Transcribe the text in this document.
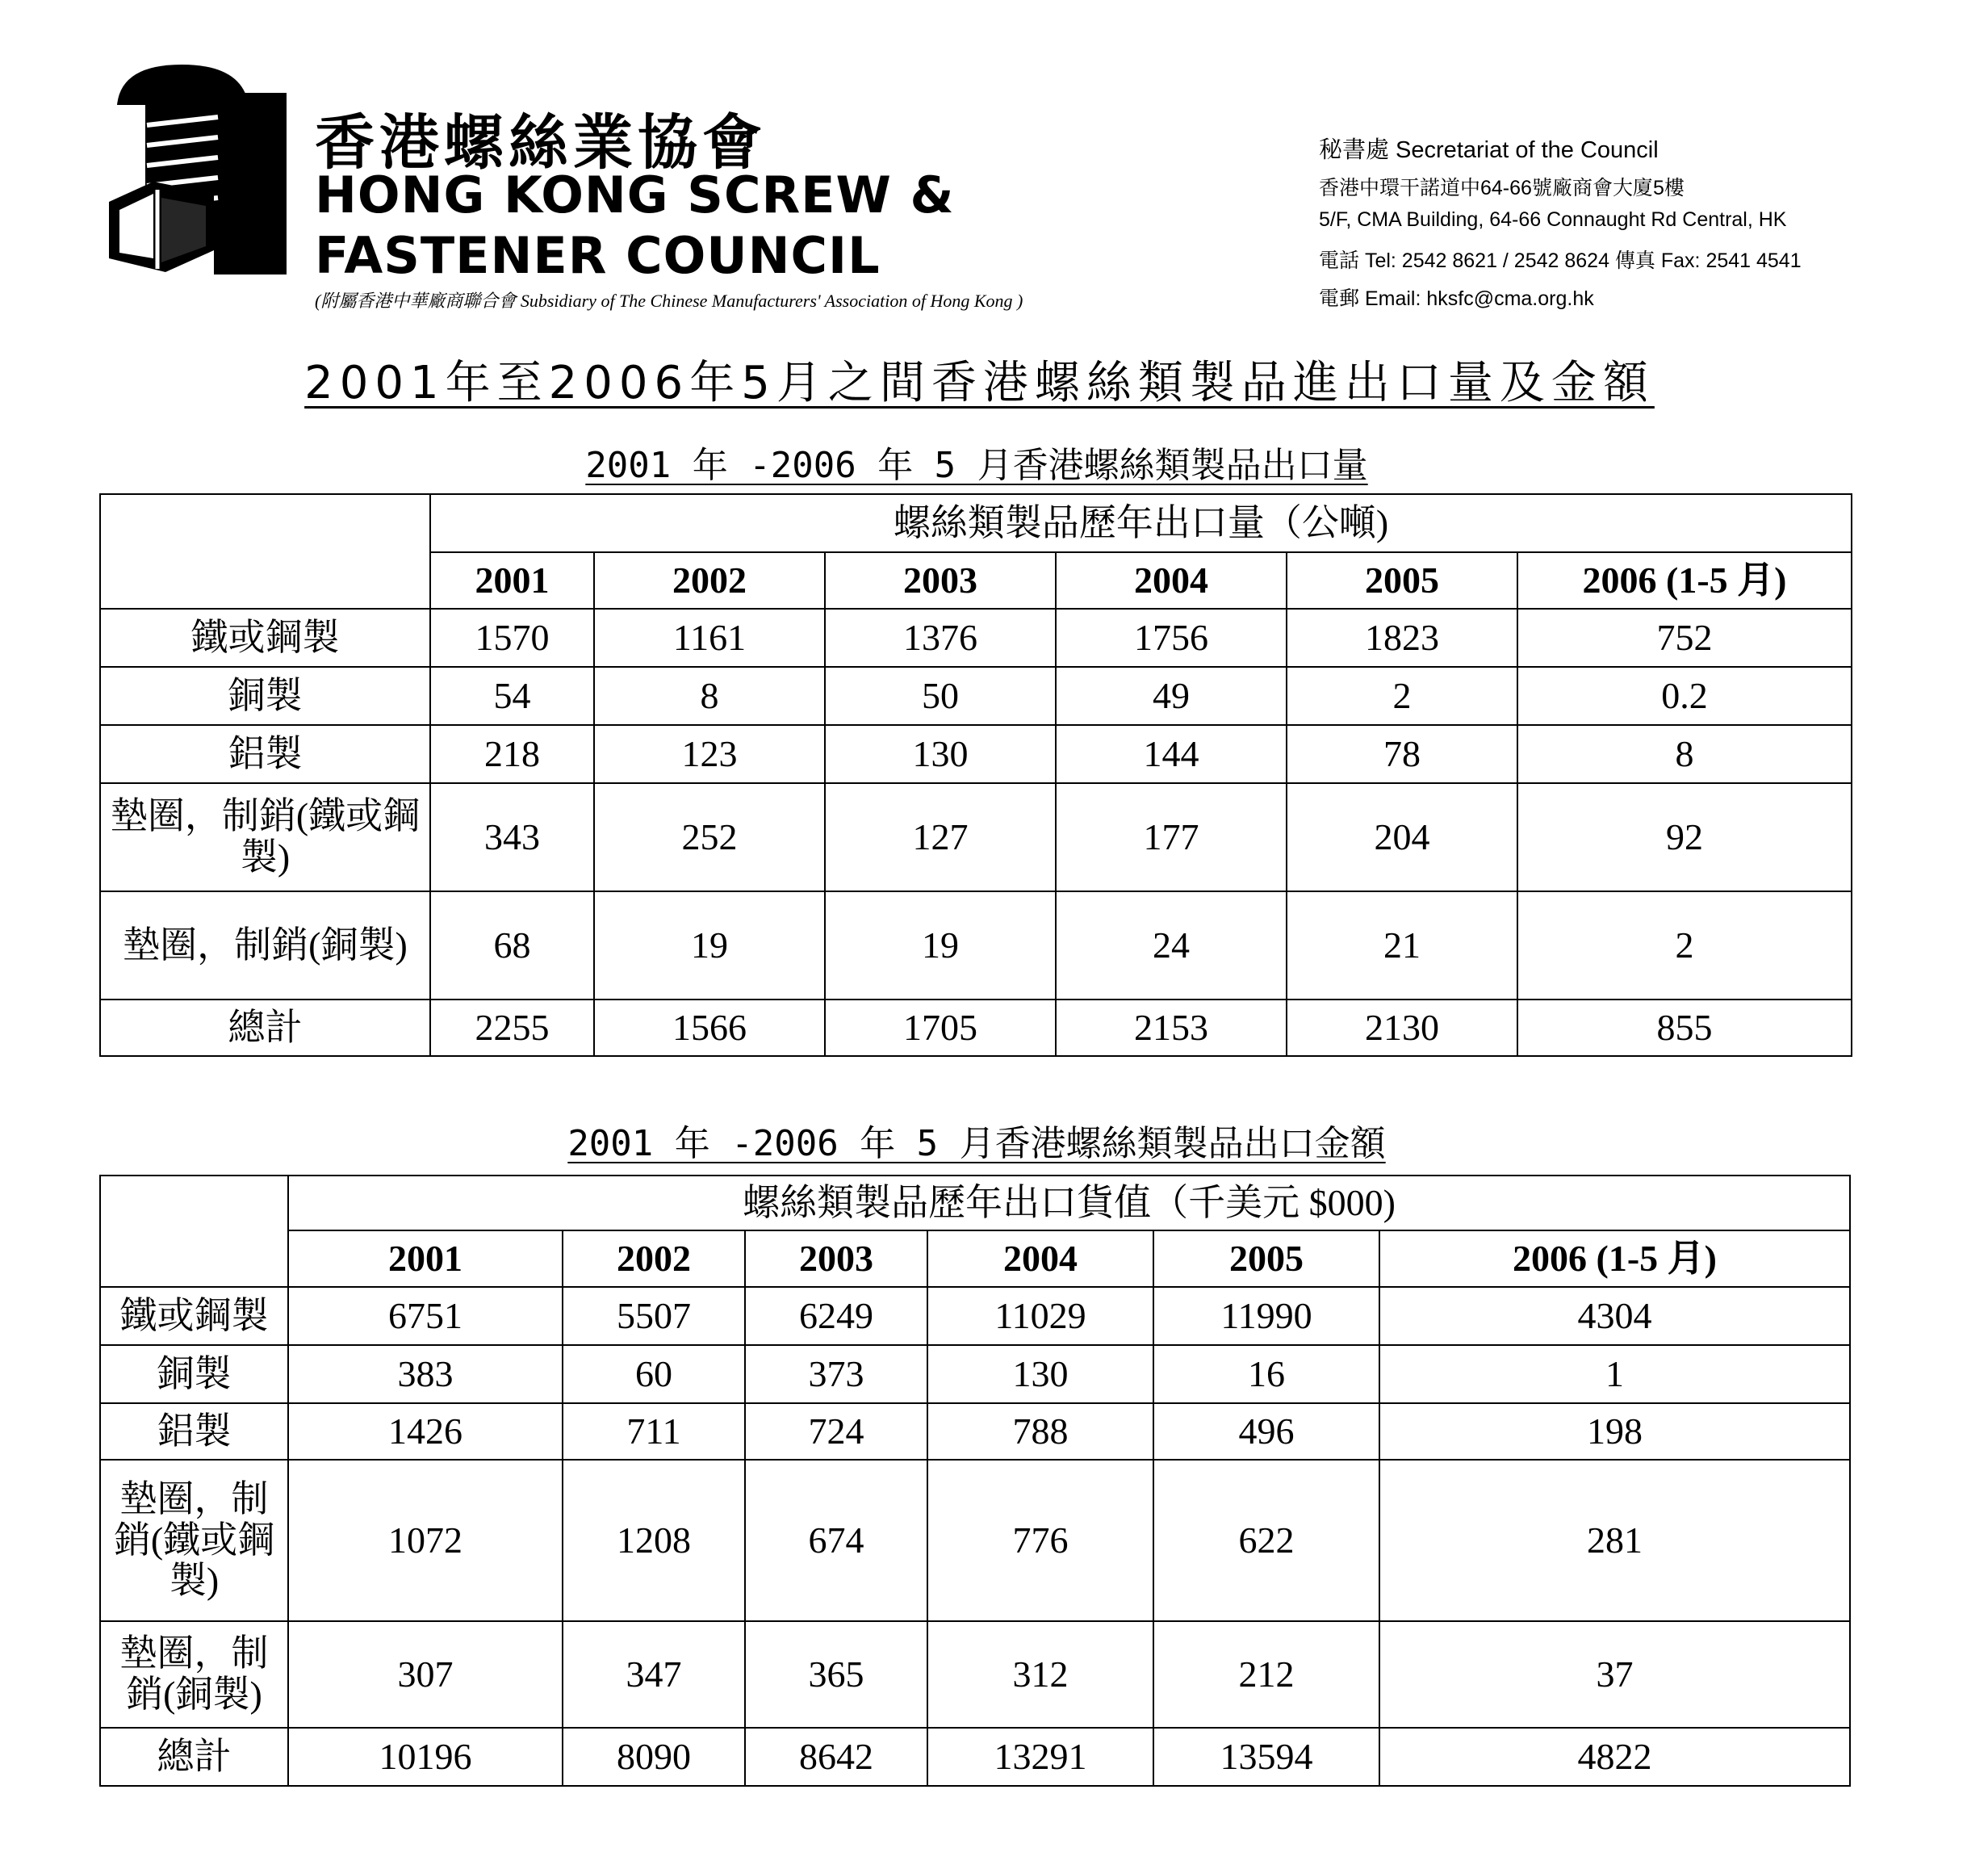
香港螺絲業協會
HONG KONG SCREW &
FASTENER COUNCIL
(附屬香港中華廠商聯合會 Subsidiary of The Chinese Manufacturers' Association of Hong Kong )
秘書處 Secretariat of the Council
香港中環干諾道中64-66號廠商會大廈5樓
5/F, CMA Building, 64-66 Connaught Rd Central, HK
電話 Tel: 2542 8621 / 2542 8624 傳真 Fax: 2541 4541
電郵 Email: hksfc@cma.org.hk
2001年至2006年5月之間香港螺絲類製品進出口量及金額
2001 年 -2006 年 5 月香港螺絲類製品出口量
	螺絲類製品歷年出口量（公噸)					
	2001	2002	2003	2004	2005	2006 (1-5 月)
鐵或鋼製	1570	1161	1376	1756	1823	752
銅製	54	8	50	49	2	0.2
鋁製	218	123	130	144	78	8
墊圈，制銷(鐵或鋼製)	343	252	127	177	204	92
墊圈，制銷(銅製)	68	19	19	24	21	2
總計	2255	1566	1705	2153	2130	855
2001 年 -2006 年 5 月香港螺絲類製品出口金額
	螺絲類製品歷年出口貨值（千美元 $000)					
	2001	2002	2003	2004	2005	2006 (1-5 月)
鐵或鋼製	6751	5507	6249	11029	11990	4304
銅製	383	60	373	130	16	1
鋁製	1426	711	724	788	496	198
墊圈，制銷(鐵或鋼製)	1072	1208	674	776	622	281
墊圈，制銷(銅製)	307	347	365	312	212	37
總計	10196	8090	8642	13291	13594	4822
